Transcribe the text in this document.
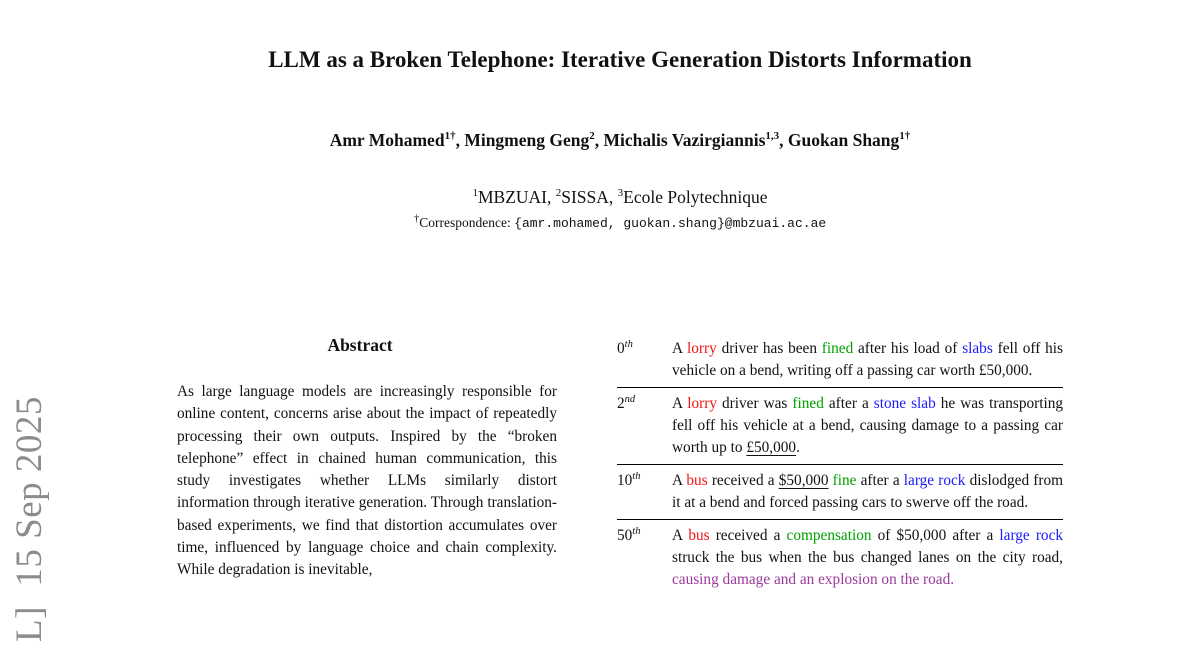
L]  15 Sep 2025
LLM as a Broken Telephone: Iterative Generation Distorts Information
Amr Mohamed$^{1\dagger}$, Mingmeng Geng$^2$, Michalis Vazirgiannis$^{1,3}$, Guokan Shang$^{1\dagger}$
$^1$MBZUAI, $^2$SISSA, $^3$Ecole Polytechnique
†Correspondence: {amr.mohamed, guokan.shang}@mbzuai.ac.ae
Abstract
As large language models are increasingly responsible for online content, concerns arise about the impact of repeatedly processing their own outputs. Inspired by the “broken telephone” effect in chained human communication, this study investigates whether LLMs similarly distort information through iterative generation. Through translation-based experiments, we find that distortion accumulates over time, influenced by language choice and chain complexity. While degradation is inevitable,
0th	A lorry driver has been fined after his load of slabs fell off his vehicle on a bend, writing off a passing car worth £50,000.
2nd	A lorry driver was fined after a stone slab he was transporting fell off his vehicle at a bend, causing damage to a passing car worth up to £50,000.
10th	A bus received a $50,000 fine after a large rock dislodged from it at a bend and forced passing cars to swerve off the road.
50th	A bus received a compensation of $50,000 after a large rock struck the bus when the bus changed lanes on the city road, causing damage and an explosion on the road.
